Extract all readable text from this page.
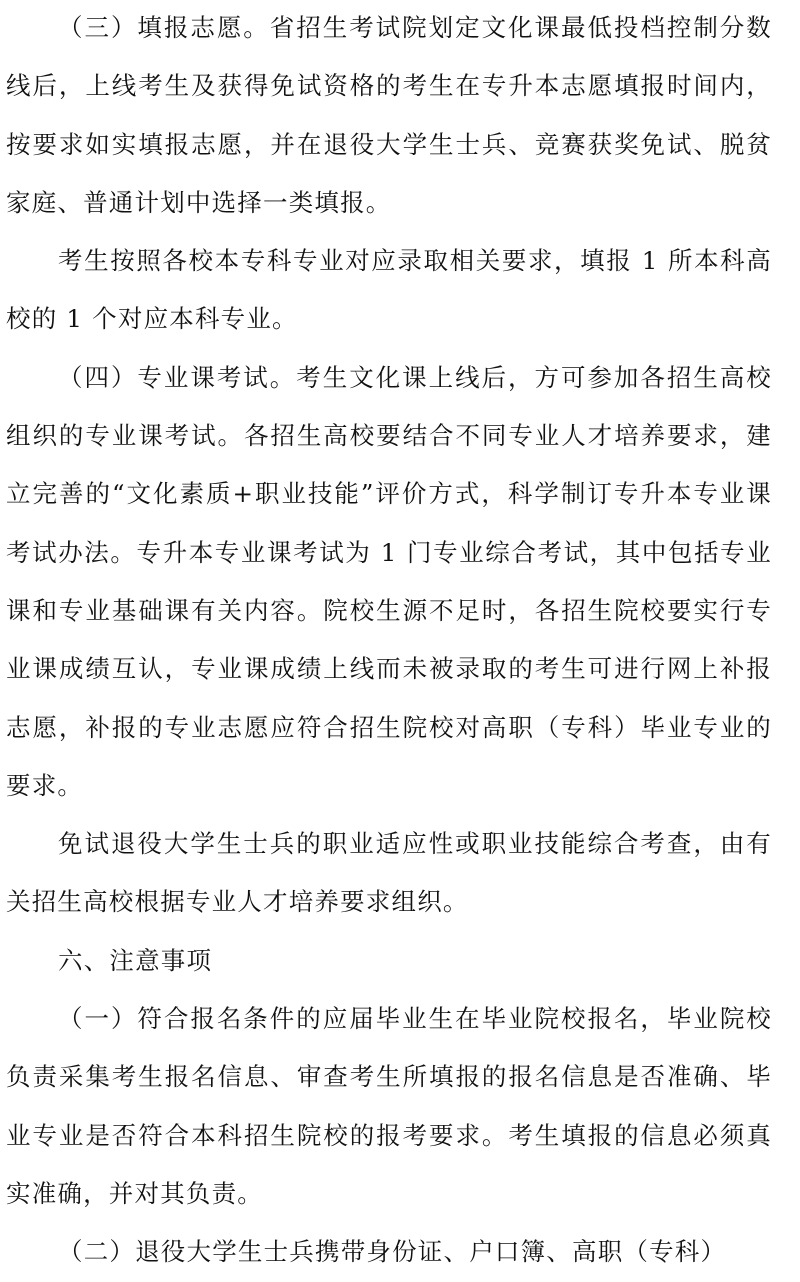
（三）填报志愿。省招生考试院划定文化课最低投档控制分数线后，上线考生及获得免试资格的考生在专升本志愿填报时间内，按要求如实填报志愿，并在退役大学生士兵、竞赛获奖免试、脱贫家庭、普通计划中选择一类填报。

考生按照各校本专科专业对应录取相关要求，填报 1 所本科高校的 1 个对应本科专业。

（四）专业课考试。考生文化课上线后，方可参加各招生高校组织的专业课考试。各招生高校要结合不同专业人才培养要求，建立完善的“文化素质+职业技能”评价方式，科学制订专升本专业课考试办法。专升本专业课考试为 1 门专业综合考试，其中包括专业课和专业基础课有关内容。院校生源不足时，各招生院校要实行专业课成绩互认，专业课成绩上线而未被录取的考生可进行网上补报志愿，补报的专业志愿应符合招生院校对高职（专科）毕业专业的要求。

免试退役大学生士兵的职业适应性或职业技能综合考查，由有关招生高校根据专业人才培养要求组织。

六、注意事项

（一）符合报名条件的应届毕业生在毕业院校报名，毕业院校负责采集考生报名信息、审查考生所填报的报名信息是否准确、毕业专业是否符合本科招生院校的报考要求。考生填报的信息必须真实准确，并对其负责。

（二）退役大学生士兵携带身份证、户口簿、高职（专科）
